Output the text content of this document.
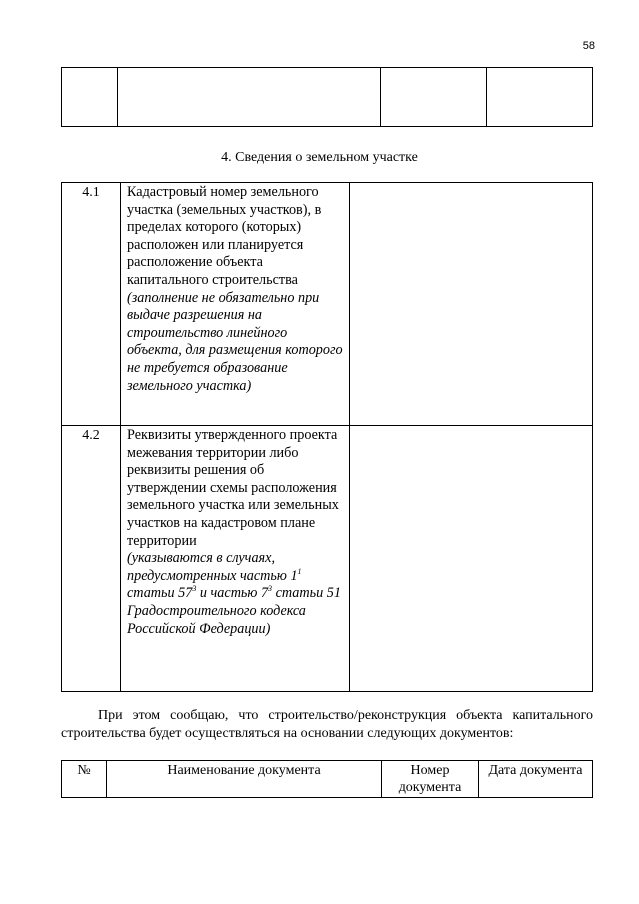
58

4. Сведения о земельном участке
4.1	Кадастровый номер земельного участка (земельных участков), в пределах которого (которых) расположен или планируется расположение объекта капитального строительства
(заполнение не обязательно при выдаче разрешения на строительство линейного объекта, для размещения которого не требуется образование земельного участка)	

4.2	Реквизиты утвержденного проекта межевания территории либо реквизиты решения об утверждении схемы расположения земельного участка или земельных участков на кадастровом плане территории
(указываются в случаях, предусмотренных частью $1^1$ статьи $57^3$ и частью $7^3$ статьи 51 Градостроительного кодекса Российской Федерации)	

При этом сообщаю, что строительство/реконструкция объекта капитального строительства будет осуществляться на основании следующих документов:
№	Наименование документа	Номер документа	Дата документа
